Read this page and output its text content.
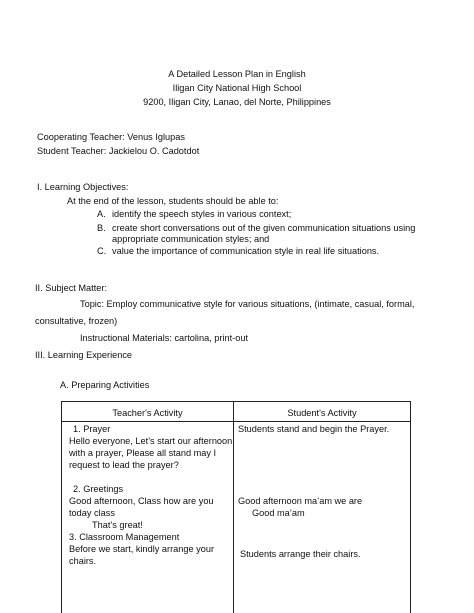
A Detailed Lesson Plan in English
Iligan City National High School
9200, Iligan City, Lanao, del Norte, Philippines
Cooperating Teacher: Venus Iglupas
Student Teacher: Jackielou O. Cadotdot
I. Learning Objectives:
At the end of the lesson, students should be able to:
A. identify the speech styles in various context;
B. create short conversations out of the given communication situations using
appropriate communication styles; and
C. value the importance of communication style in real life situations.
II. Subject Matter:
Topic: Employ communicative style for various situations, (intimate, casual, formal,
consultative, frozen)
Instructional Materials: cartolina, print-out
III. Learning Experience
A. Preparing Activities
Teacher's Activity	Student's Activity
1. Prayer
Hello everyone, Let’s start our afternoon
with a prayer, Please all stand may I
request to lead the prayer?
2. Greetings
Good afternoon, Class how are you
today class
That’s great!
3. Classroom Management
Before we start, kindly arrange your
chairs.
Students stand and begin the Prayer.
Good afternoon ma’am we are
Good ma’am
Students arrange their chairs.
